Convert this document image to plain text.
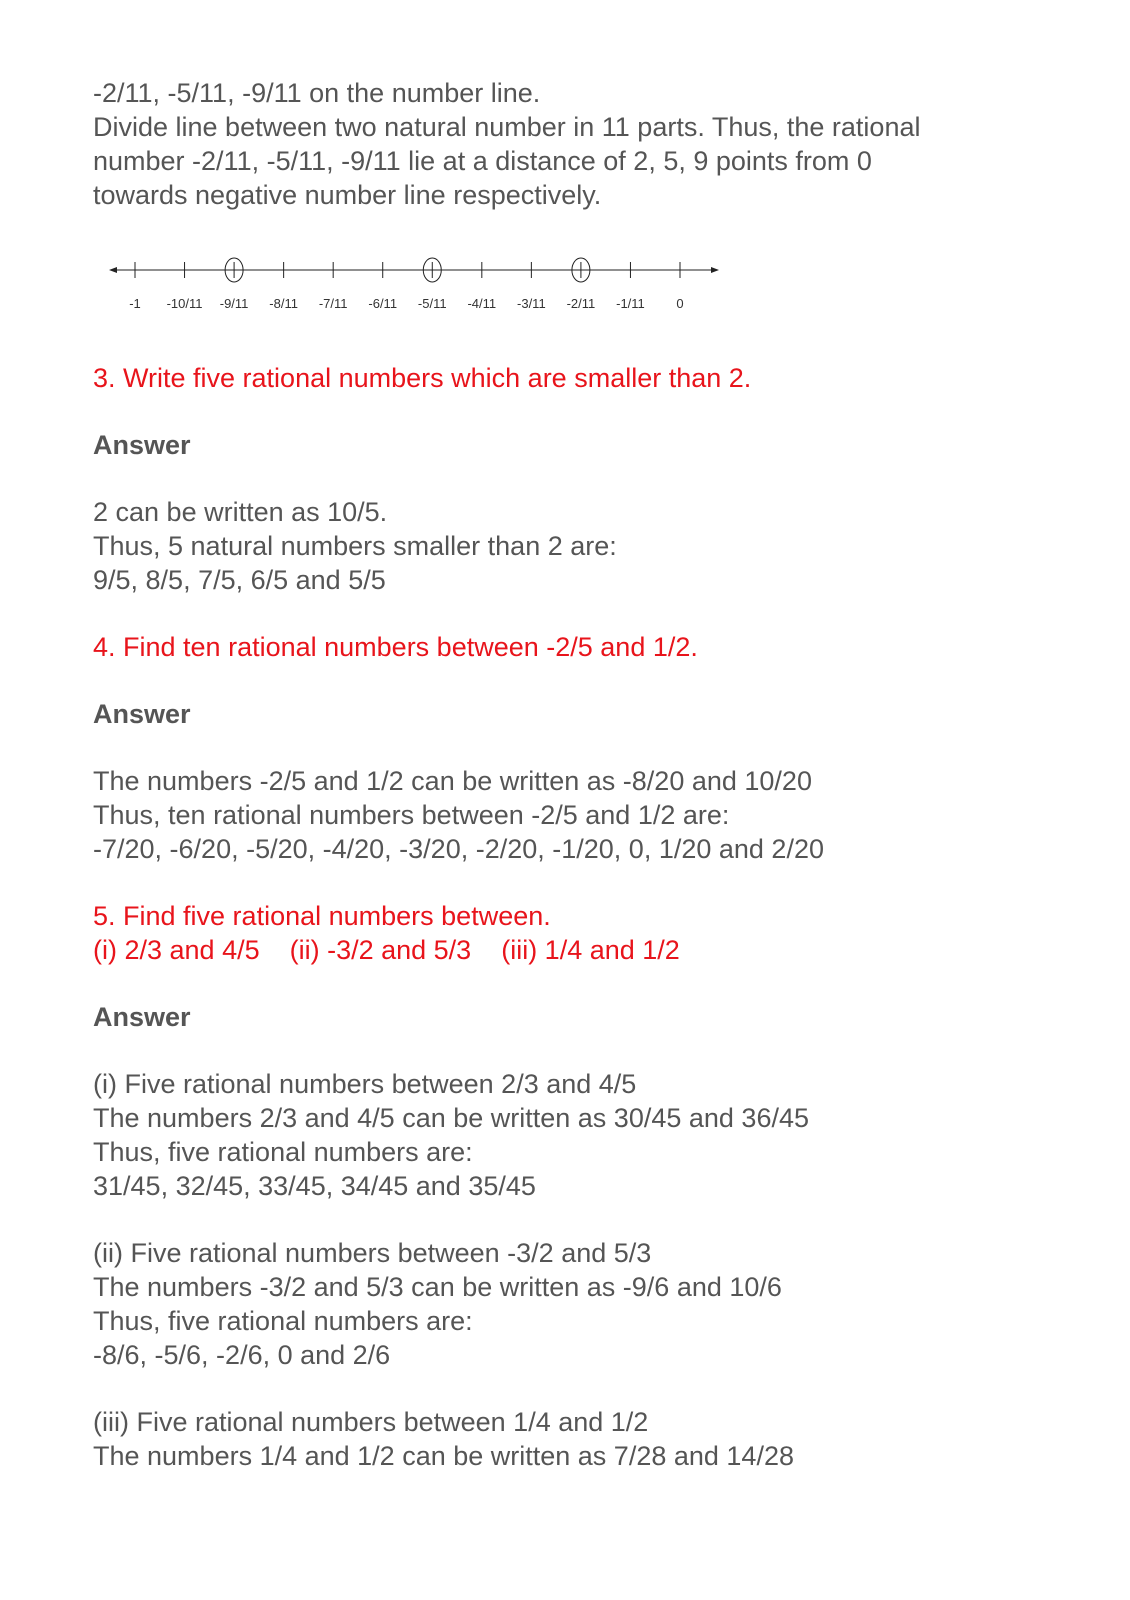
-2/11, -5/11, -9/11 on the number line.

Divide line between two natural number in 11 parts. Thus, the rational

number -2/11, -5/11, -9/11 lie at a distance of 2, 5, 9 points from 0

towards negative number line respectively.

3. Write five rational numbers which are smaller than 2.

Answer

2 can be written as 10/5.

Thus, 5 natural numbers smaller than 2 are:

9/5, 8/5, 7/5, 6/5 and 5/5

4. Find ten rational numbers between -2/5 and 1/2.

Answer

The numbers -2/5 and 1/2 can be written as -8/20 and 10/20

Thus, ten rational numbers between -2/5 and 1/2 are:

-7/20, -6/20, -5/20, -4/20, -3/20, -2/20, -1/20, 0, 1/20 and 2/20

5. Find five rational numbers between.

(i) 2/3 and 4/5    (ii) -3/2 and 5/3    (iii) 1/4 and 1/2

Answer

(i) Five rational numbers between 2/3 and 4/5

The numbers 2/3 and 4/5 can be written as 30/45 and 36/45

Thus, five rational numbers are:

31/45, 32/45, 33/45, 34/45 and 35/45

(ii) Five rational numbers between -3/2 and 5/3

The numbers -3/2 and 5/3 can be written as -9/6 and 10/6

Thus, five rational numbers are:

-8/6, -5/6, -2/6, 0 and 2/6

(iii) Five rational numbers between 1/4 and 1/2

The numbers 1/4 and 1/2 can be written as 7/28 and 14/28

-1 -10/11 -9/11 -8/11 -7/11 -6/11 -5/11 -4/11 -3/11 -2/11 -1/11 0
